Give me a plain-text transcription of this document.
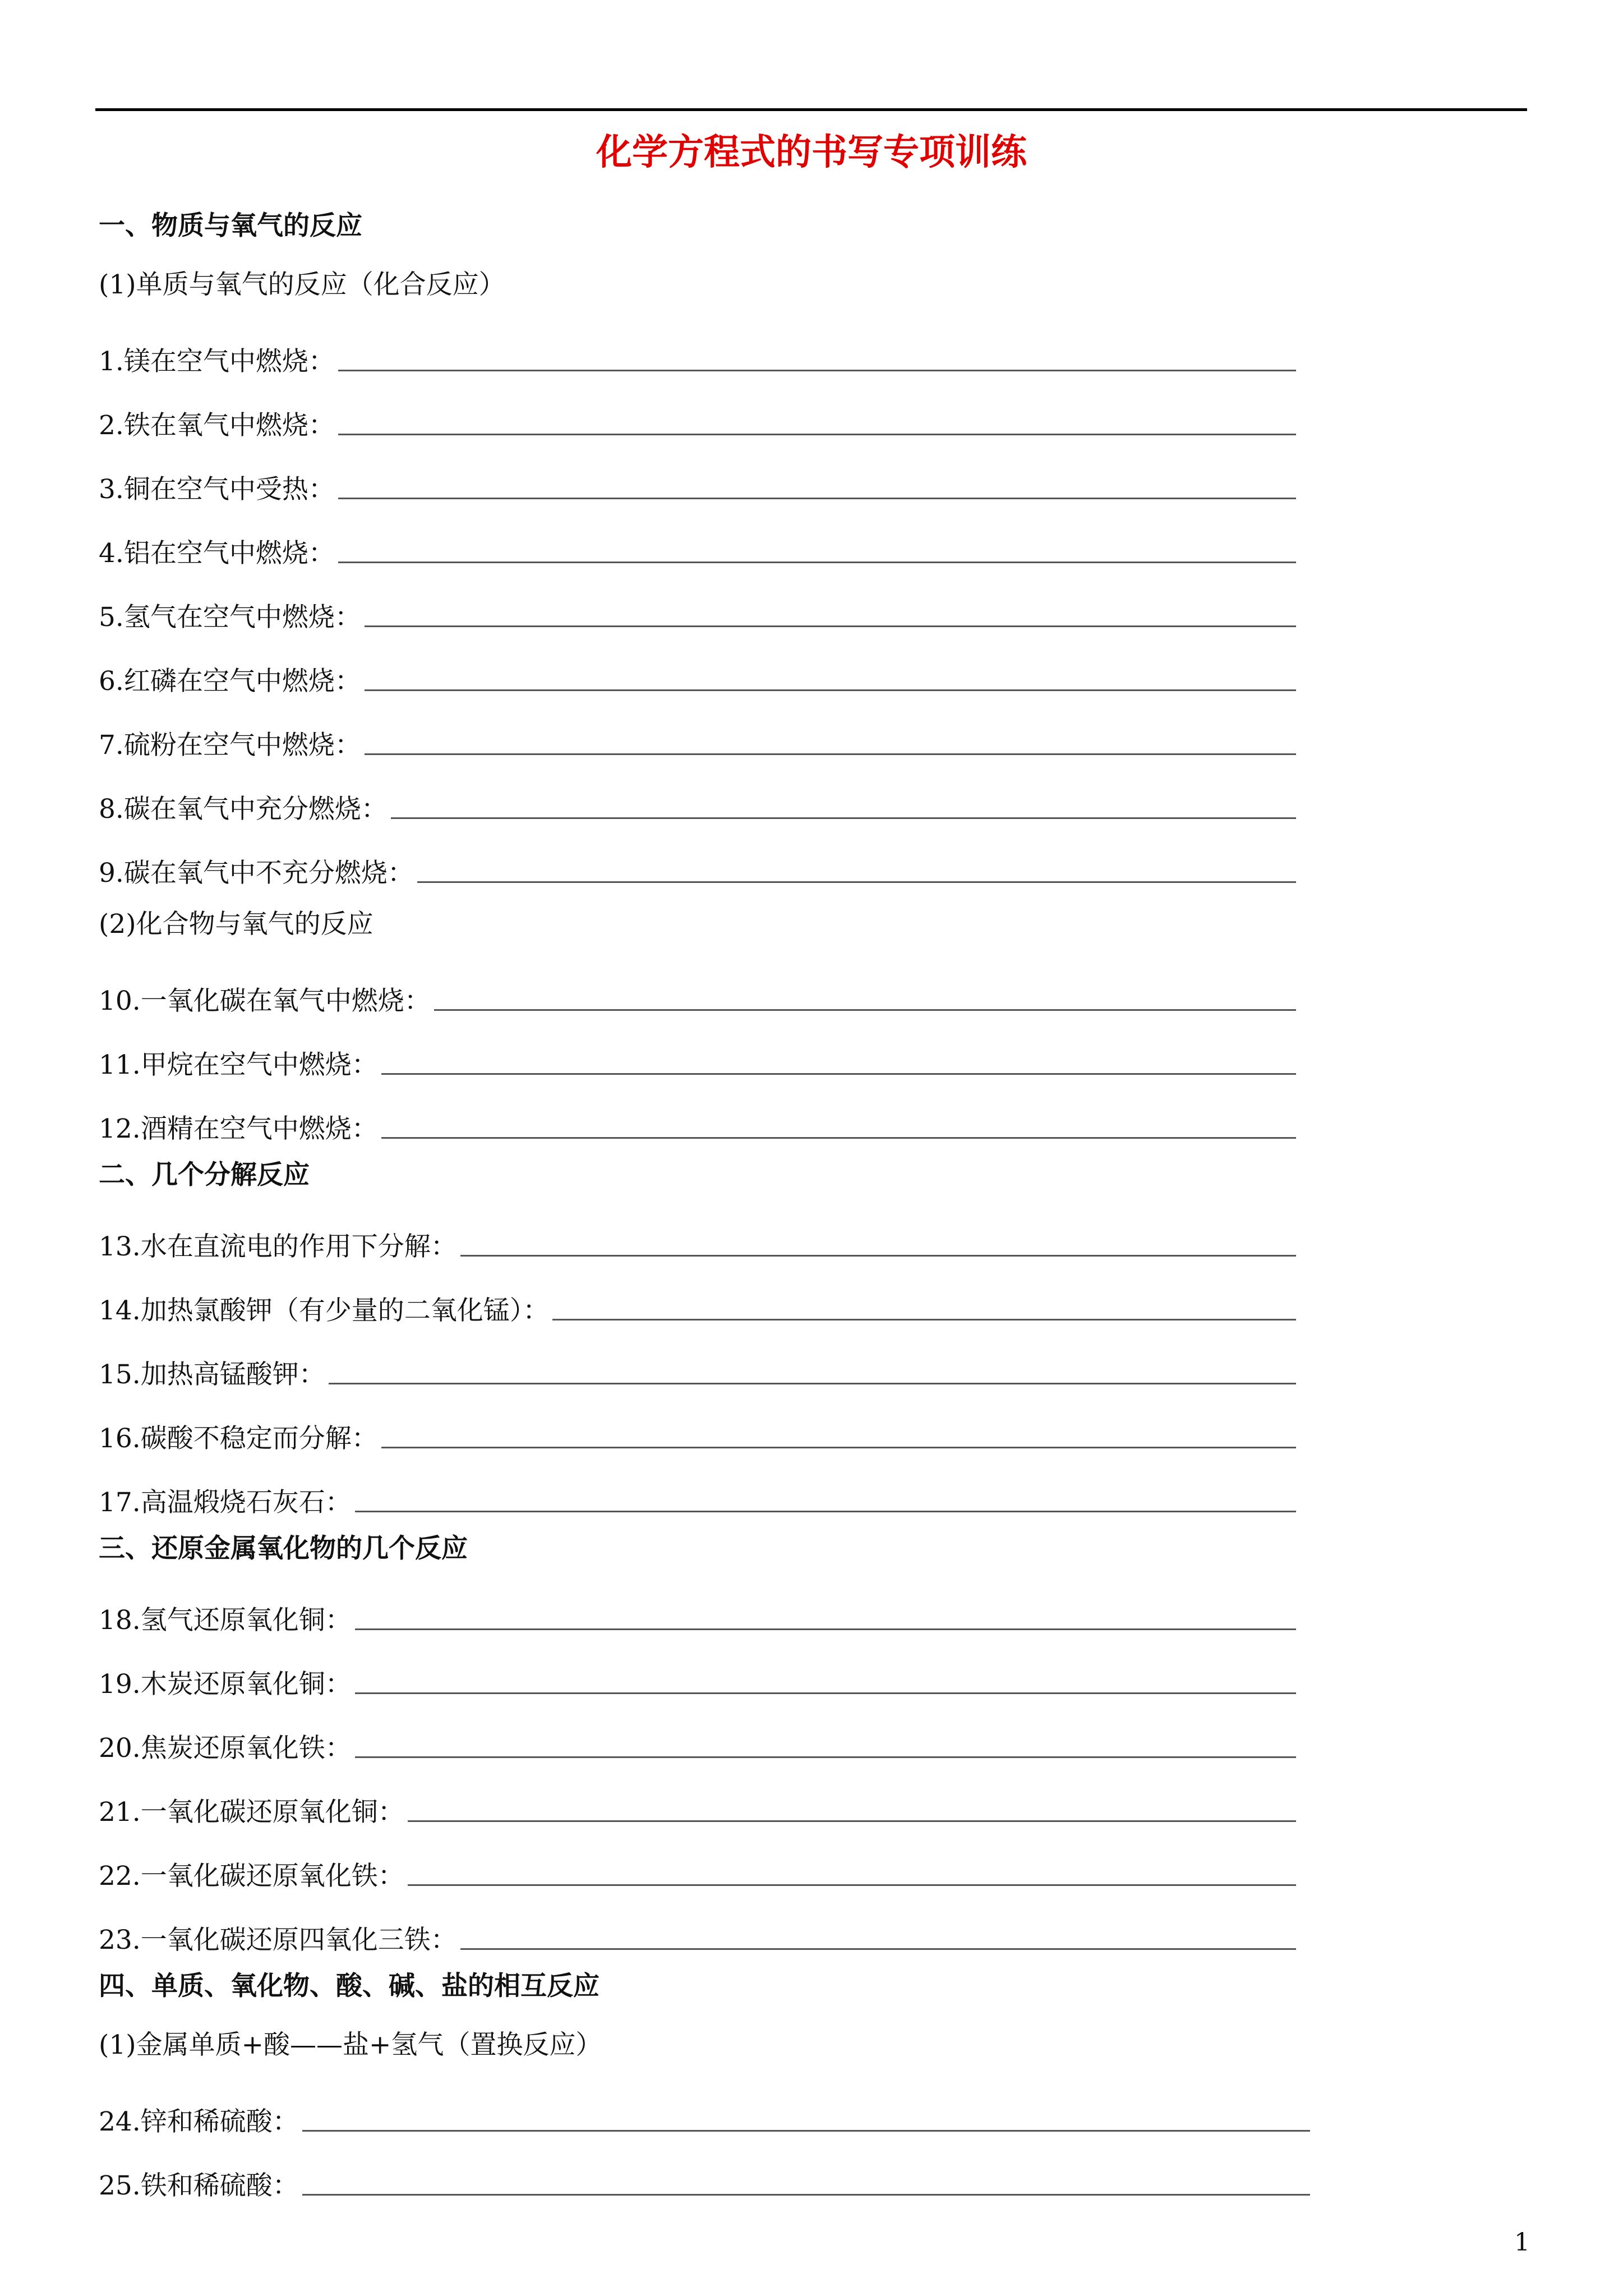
化学方程式的书写专项训练
一、物质与氧气的反应
(1)单质与氧气的反应（化合反应）
1.镁在空气中燃烧：
2.铁在氧气中燃烧：
3.铜在空气中受热：
4.铝在空气中燃烧：
5.氢气在空气中燃烧：
6.红磷在空气中燃烧：
7.硫粉在空气中燃烧：
8.碳在氧气中充分燃烧：
9.碳在氧气中不充分燃烧：
(2)化合物与氧气的反应
10.一氧化碳在氧气中燃烧：
11.甲烷在空气中燃烧：
12.酒精在空气中燃烧：
二、几个分解反应
13.水在直流电的作用下分解：
14.加热氯酸钾（有少量的二氧化锰）：
15.加热高锰酸钾：
16.碳酸不稳定而分解：
17.高温煅烧石灰石：
三、还原金属氧化物的几个反应
18.氢气还原氧化铜：
19.木炭还原氧化铜：
20.焦炭还原氧化铁：
21.一氧化碳还原氧化铜：
22.一氧化碳还原氧化铁：
23.一氧化碳还原四氧化三铁：
四、单质、氧化物、酸、碱、盐的相互反应
(1)金属单质+酸——盐+氢气（置换反应）
24.锌和稀硫酸：
25.铁和稀硫酸：
1
